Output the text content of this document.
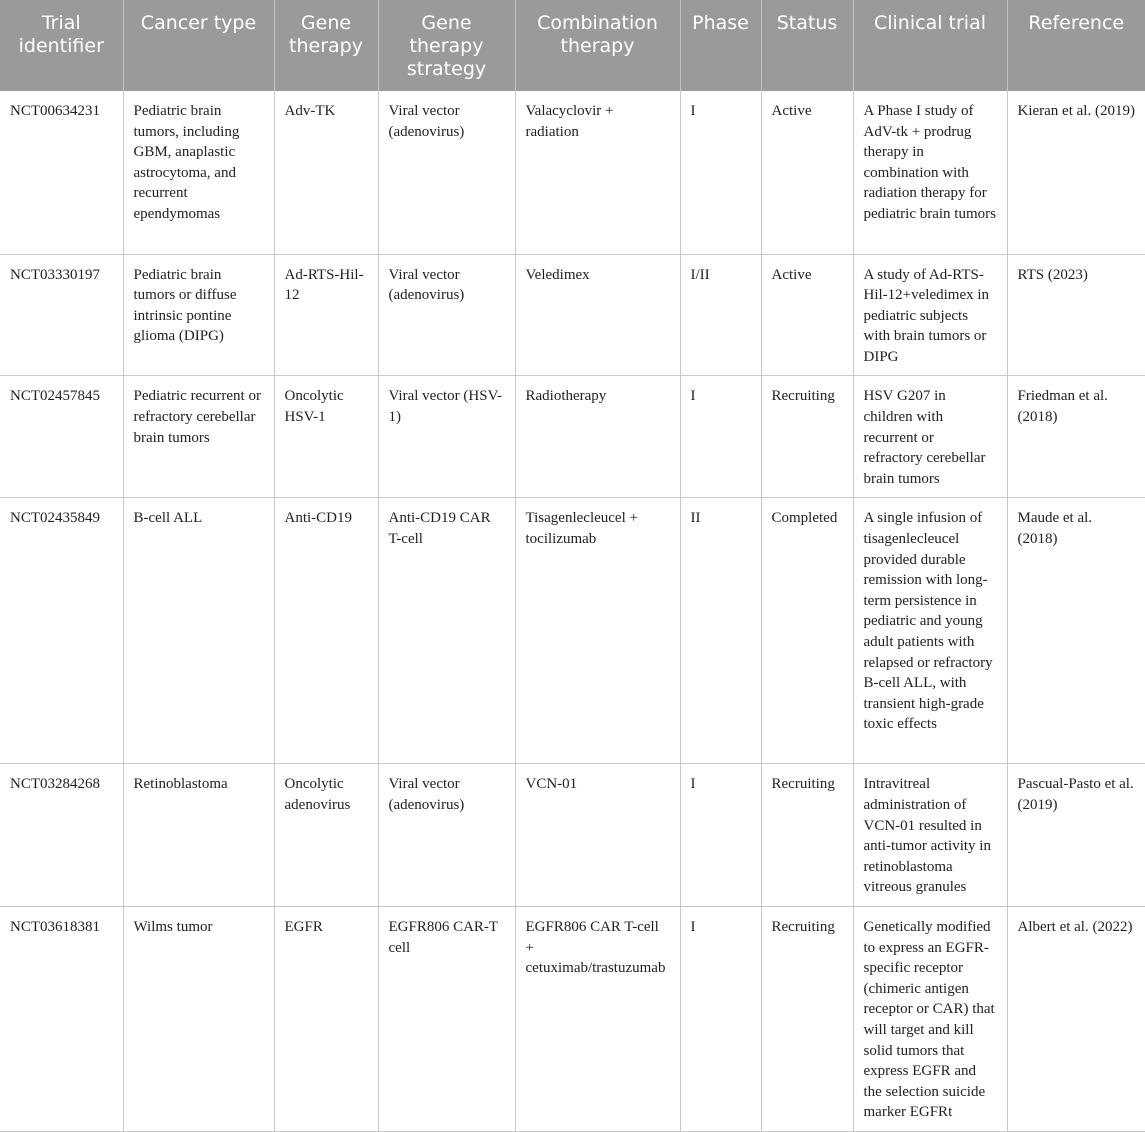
Trial identifier	Cancer type	Gene therapy	Gene therapy strategy	Combination therapy	Phase	Status	Clinical trial	Reference
NCT00634231	Pediatric brain tumors, including GBM, anaplastic astrocytoma, and recurrent ependymomas	Adv-TK	Viral vector (adenovirus)	Valacyclovir + radiation	I	Active	A Phase I study of AdV-tk + prodrug therapy in combination with radiation therapy for pediatric brain tumors	Kieran et al. (2019)
NCT03330197	Pediatric brain tumors or diffuse intrinsic pontine glioma (DIPG)	Ad-RTS-Hil-12	Viral vector (adenovirus)	Veledimex	I/II	Active	A study of Ad-RTS-Hil-12+veledimex in pediatric subjects with brain tumors or DIPG	RTS (2023)
NCT02457845	Pediatric recurrent or refractory cerebellar brain tumors	Oncolytic HSV-1	Viral vector (HSV-1)	Radiotherapy	I	Recruiting	HSV G207 in children with recurrent or refractory cerebellar brain tumors	Friedman et al. (2018)
NCT02435849	B-cell ALL	Anti-CD19	Anti-CD19 CAR T-cell	Tisagenlecleucel + tocilizumab	II	Completed	A single infusion of tisagenlecleucel provided durable remission with long-term persistence in pediatric and young adult patients with relapsed or refractory B-cell ALL, with transient high-grade toxic effects	Maude et al. (2018)
NCT03284268	Retinoblastoma	Oncolytic adenovirus	Viral vector (adenovirus)	VCN-01	I	Recruiting	Intravitreal administration of VCN-01 resulted in anti-tumor activity in retinoblastoma vitreous granules	Pascual-Pasto et al. (2019)
NCT03618381	Wilms tumor	EGFR	EGFR806 CAR-T cell	EGFR806 CAR T-cell + cetuximab/trastuzumab	I	Recruiting	Genetically modified to express an EGFR-specific receptor (chimeric antigen receptor or CAR) that will target and kill solid tumors that express EGFR and the selection suicide marker EGFRt	Albert et al. (2022)
